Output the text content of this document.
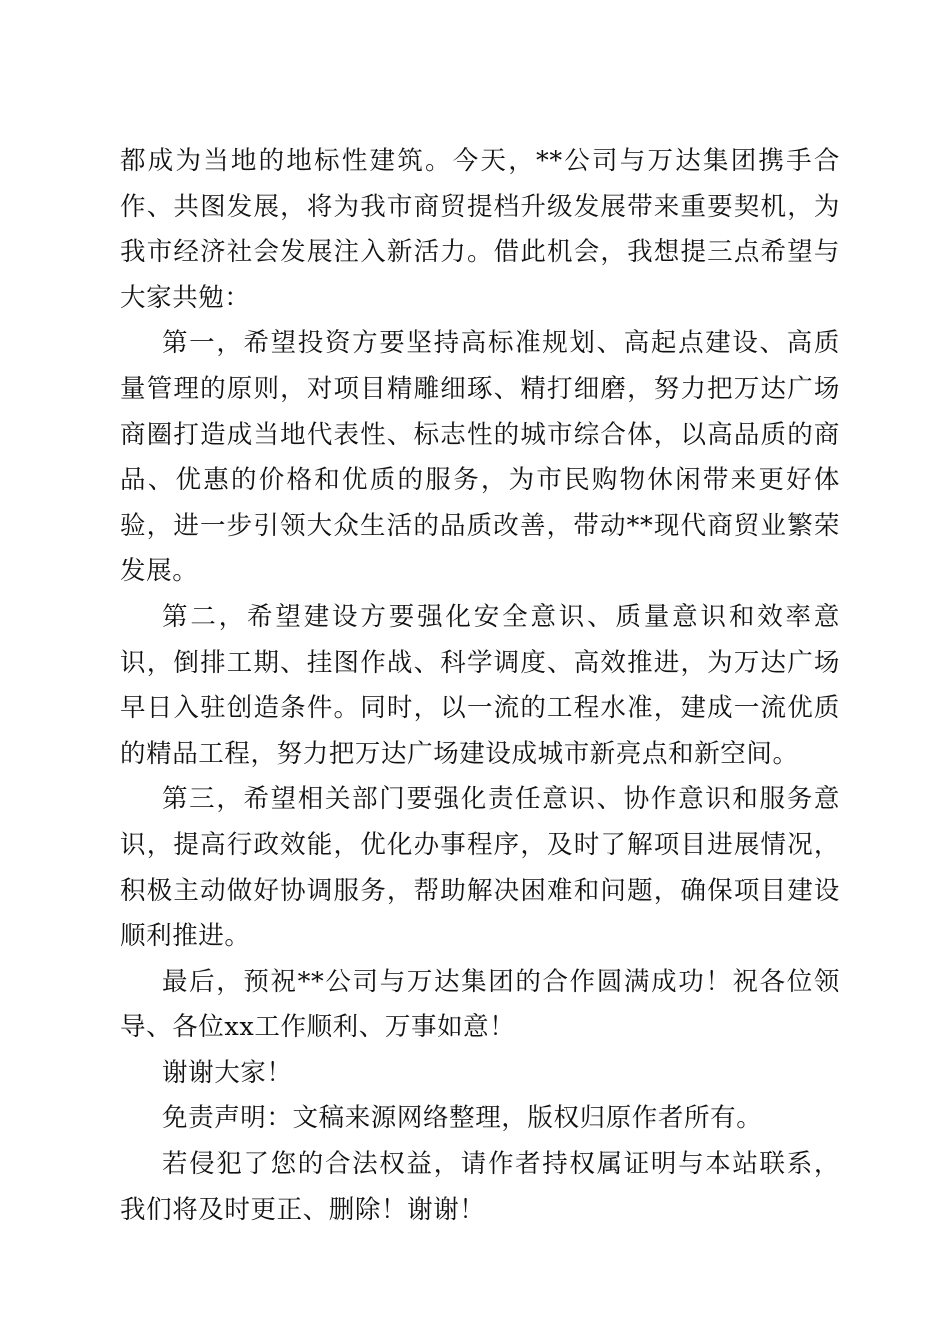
都成为当地的地标性建筑。今天，**公司与万达集团携手合作、共图发展，将为我市商贸提档升级发展带来重要契机，为我市经济社会发展注入新活力。借此机会，我想提三点希望与大家共勉：

第一，希望投资方要坚持高标准规划、高起点建设、高质量管理的原则，对项目精雕细琢、精打细磨，努力把万达广场商圈打造成当地代表性、标志性的城市综合体，以高品质的商品、优惠的价格和优质的服务，为市民购物休闲带来更好体验，进一步引领大众生活的品质改善，带动**现代商贸业繁荣发展。

第二，希望建设方要强化安全意识、质量意识和效率意识，倒排工期、挂图作战、科学调度、高效推进，为万达广场早日入驻创造条件。同时，以一流的工程水准，建成一流优质的精品工程，努力把万达广场建设成城市新亮点和新空间。

第三，希望相关部门要强化责任意识、协作意识和服务意识，提高行政效能，优化办事程序，及时了解项目进展情况，积极主动做好协调服务，帮助解决困难和问题，确保项目建设顺利推进。

最后，预祝**公司与万达集团的合作圆满成功！祝各位领导、各位xx工作顺利、万事如意！

谢谢大家！

免责声明：文稿来源网络整理，版权归原作者所有。

若侵犯了您的合法权益，请作者持权属证明与本站联系，我们将及时更正、删除！谢谢！
